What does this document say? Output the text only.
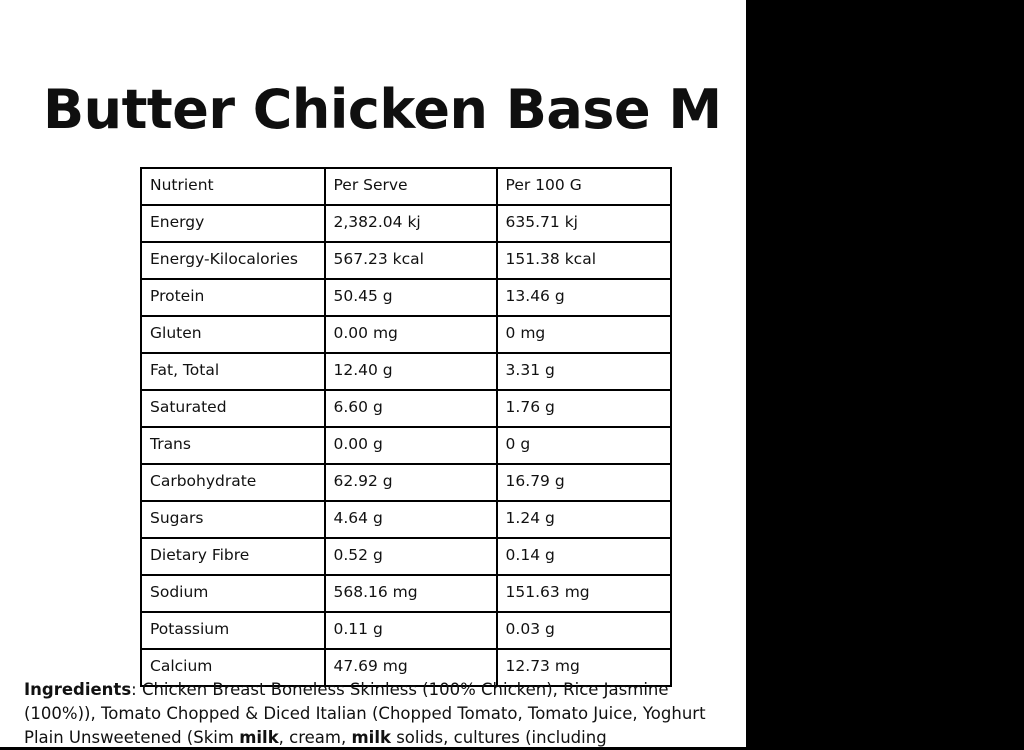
Butter Chicken Base M
Nutrient	Per Serve	Per 100 G
Energy	2,382.04 kj	635.71 kj
Energy-Kilocalories	567.23 kcal	151.38 kcal
Protein	50.45 g	13.46 g
Gluten	0.00 mg	0 mg
Fat, Total	12.40 g	3.31 g
Saturated	6.60 g	1.76 g
Trans	0.00 g	0 g
Carbohydrate	62.92 g	16.79 g
Sugars	4.64 g	1.24 g
Dietary Fibre	0.52 g	0.14 g
Sodium	568.16 mg	151.63 mg
Potassium	0.11 g	0.03 g
Calcium	47.69 mg	12.73 mg
Ingredients: Chicken Breast Boneless Skinless (100% Chicken), Rice Jasmine (100%)), Tomato Chopped & Diced Italian (Chopped Tomato, Tomato Juice, Yoghurt Plain Unsweetened (Skim milk, cream, milk solids, cultures (including
